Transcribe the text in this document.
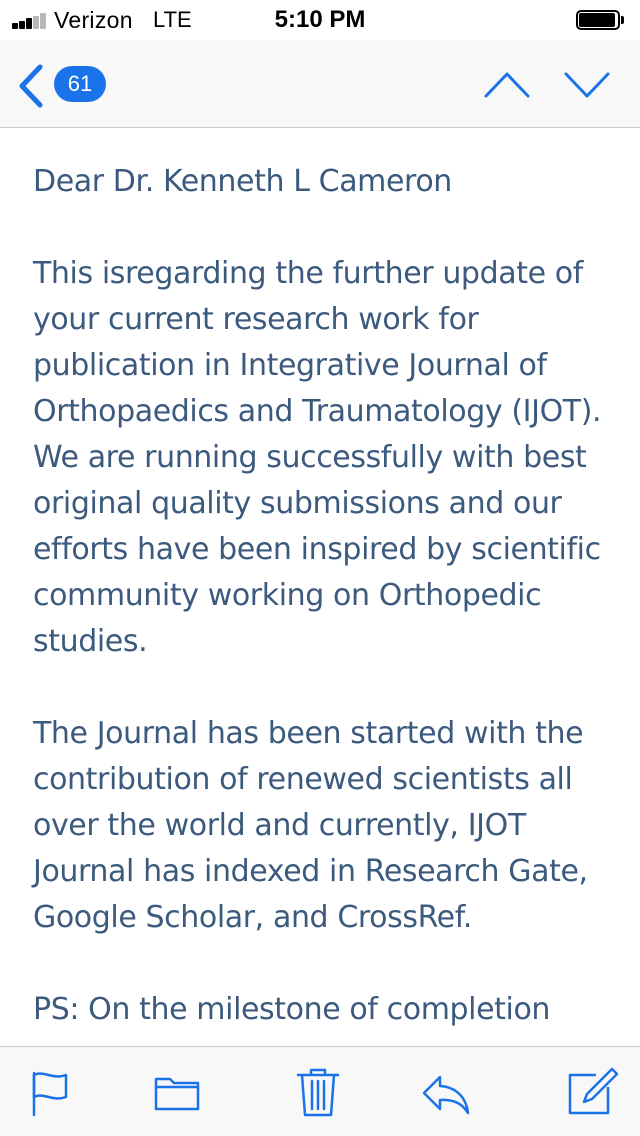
Verizon LTE	5:10 PM
61

Dear Dr. Kenneth L Cameron

This isregarding the further update of your current research work for publication in Integrative Journal of Orthopaedics and Traumatology (IJOT). We are running successfully with best original quality submissions and our efforts have been inspired by scientific community working on Orthopedic studies.

The Journal has been started with the contribution of renewed scientists all over the world and currently, IJOT Journal has indexed in Research Gate, Google Scholar, and CrossRef.

PS: On the milestone of completion
